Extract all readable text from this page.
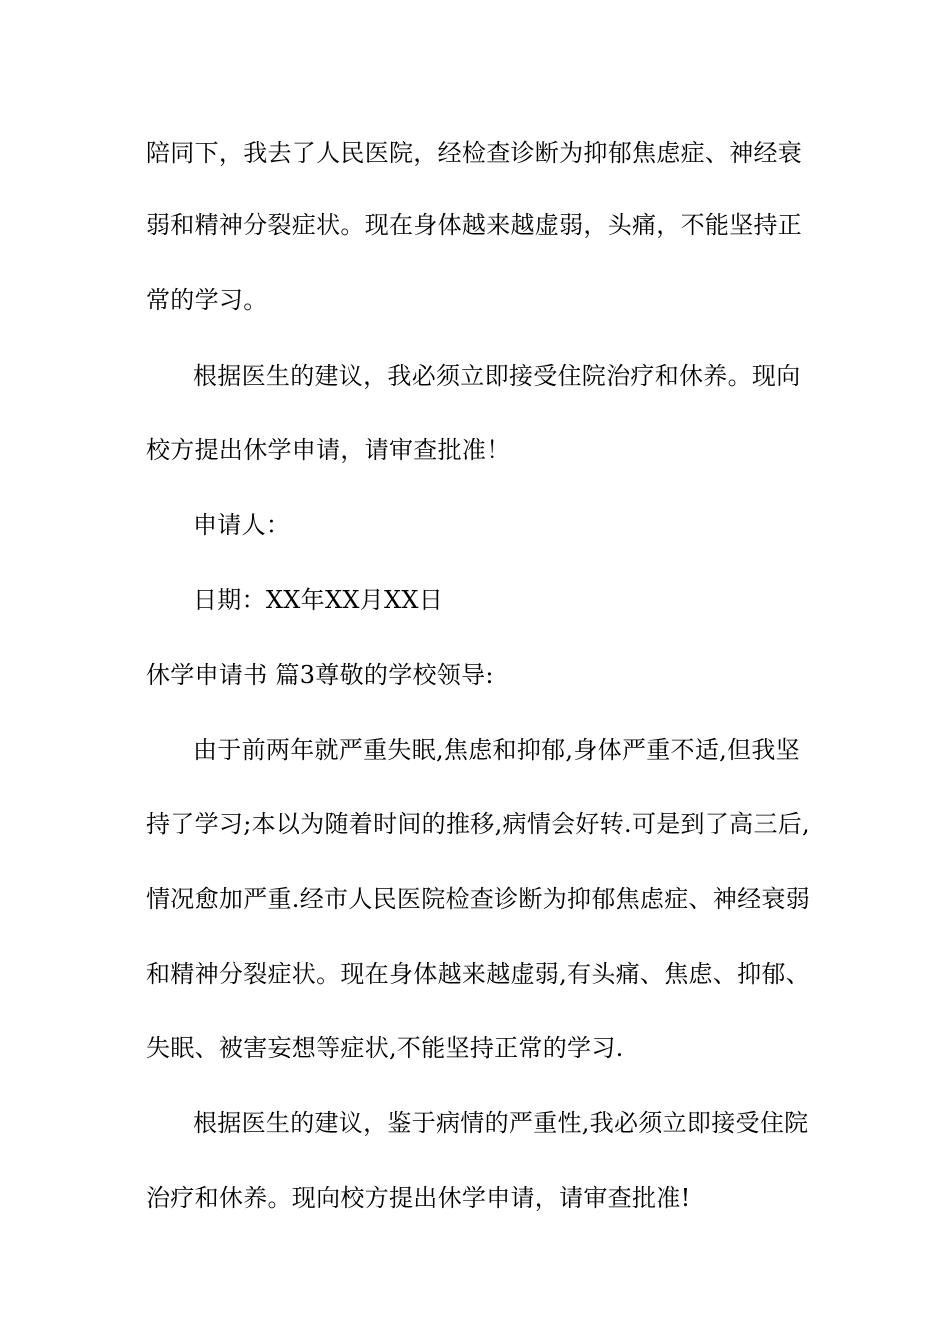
陪同下，我去了人民医院，经检查诊断为抑郁焦虑症、神经衰
弱和精神分裂症状。现在身体越来越虚弱，头痛，不能坚持正
常的学习。
根据医生的建议，我必须立即接受住院治疗和休养。现向
校方提出休学申请，请审查批准！
申请人：
日期：XX年XX月XX日
休学申请书 篇3尊敬的学校领导:
由于前两年就严重失眠,焦虑和抑郁,身体严重不适,但我坚
持了学习;本以为随着时间的推移,病情会好转.可是到了高三后,
情况愈加严重.经市人民医院检查诊断为抑郁焦虑症、神经衰弱
和精神分裂症状。现在身体越来越虚弱,有头痛、焦虑、抑郁、
失眠、被害妄想等症状,不能坚持正常的学习.
根据医生的建议，鉴于病情的严重性,我必须立即接受住院
治疗和休养。现向校方提出休学申请，请审查批准!
